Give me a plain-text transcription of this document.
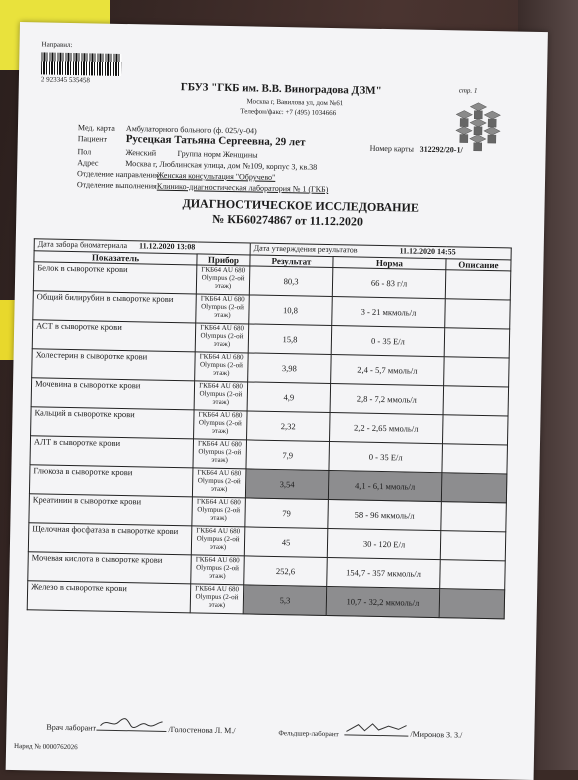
Направил:
2 923345 535458
ГБУЗ "ГКБ им. В.В. Виноградова ДЗМ"
Москва г, Вавилова ул, дом №61
Телефон/факс: +7 (495) 1034666
стр. 1
Мед. карта Амбулаторного больного (ф. 025/у-04)
Номер карты 312292/20-1/
Пациент Русецкая Татьяна Сергеевна, 29 лет
Пол	Женский	Группа норм Женщины
Адрес	Москва г, Люблинская улица, дом №109, корпус 3, кв.38
Отделение направления
Женская консультация "Обручево"
Отделение выполнения Клинико-диагностическая лаборатория № 1 (ГКБ)
ДИАГНОСТИЧЕСКОЕ ИССЛЕДОВАНИЕ
№ КБ60274867 от 11.12.2020
Дата забора биоматериала 11.12.2020 13:08		Дата утверждения результатов 11.12.2020 14:55		
Показатель	Прибор	Результат	Норма	Описание
Белок в сыворотке крови	ГКБ64 AU 680 Olympus (2-ой этаж)	80,3	66 - 83 г/л	
Общий билирубин в сыворотке крови	ГКБ64 AU 680 Olympus (2-ой этаж)	10,8	3 - 21 мкмоль/л	
АСТ в сыворотке крови	ГКБ64 AU 680 Olympus (2-ой этаж)	15,8	0 - 35 Е/л	
Холестерин в сыворотке крови	ГКБ64 AU 680 Olympus (2-ой этаж)	3,98	2,4 - 5,7 ммоль/л	
Мочевина в сыворотке крови	ГКБ64 AU 680 Olympus (2-ой этаж)	4,9	2,8 - 7,2 ммоль/л	
Кальций в сыворотке крови	ГКБ64 AU 680 Olympus (2-ой этаж)	2,32	2,2 - 2,65 ммоль/л	
АЛТ в сыворотке крови	ГКБ64 AU 680 Olympus (2-ой этаж)	7,9	0 - 35 Е/л	
Глюкоза в сыворотке крови	ГКБ64 AU 680 Olympus (2-ой этаж)	3,54	4,1 - 6,1 ммоль/л	
Креатинин в сыворотке крови	ГКБ64 AU 680 Olympus (2-ой этаж)	79	58 - 96 мкмоль/л	
Щелочная фосфатаза в сыворотке крови	ГКБ64 AU 680 Olympus (2-ой этаж)	45	30 - 120 Е/л	
Мочевая кислота в сыворотке крови	ГКБ64 AU 680 Olympus (2-ой этаж)	252,6	154,7 - 357 мкмоль/л	
Железо в сыворотке крови	ГКБ64 AU 680 Olympus (2-ой этаж)	5,3	10,7 - 32,2 мкмоль/л	
Врач лаборант	/Голостенова Л. М./	Фельдшер-лаборант	/Миронов З. З./
Наряд № 0000762026
